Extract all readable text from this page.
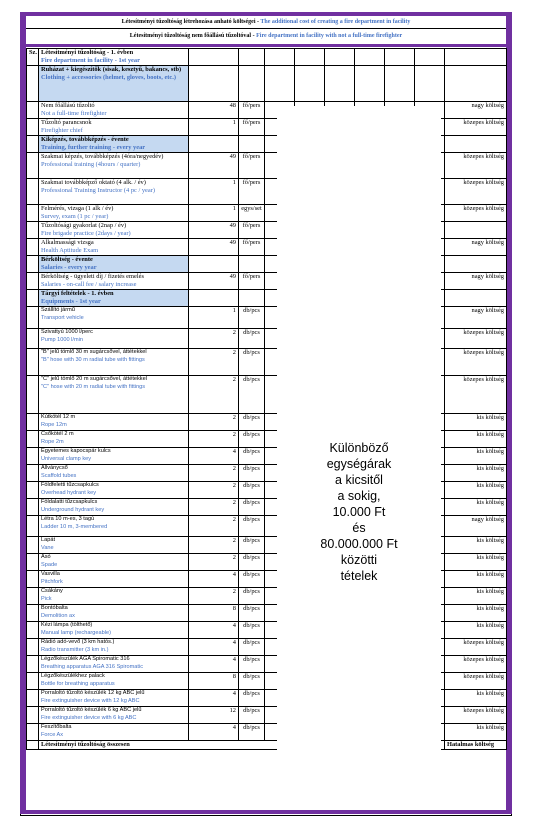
Létesítményi tűzoltóság létrehozása anható költségei - The additional cost of creating a fire department in facility
Létesítményi tűzoltóság nem főállású tűzoltóval - Fire department in facility with not a full-time firefighter
Sz.	Létesítményi tűzoltóság - 1. évben
Fire department in facility - 1st year									

	Ruházat + kiegészítők (sisak, kesztyű, bakancs, stb)
Clothing + accessories (helmet, gloves, boots, etc.)									

	Nem főállású tűzoltó
Not a full-time firefighter	48	fő/pers							nagy költség

	Tűzoltó parancsnok
Firefighter chief	1	fő/pers							közepes költség

	Kiképzés, továbbképzés - évente
Training, further training - every year									

	Szakmai képzés, továbbképzés (4óra/negyedév)
Professional training (4hours / quarter)	49	fő/pers							közepes költség

	Szakmai továbbképző oktató (4 alk. / év)
Professional Training Instructor (4 pc / year)	1	fő/pers							közepes költség

	Felmérés, vizsga (1 alk / év)
Survey, exam (1 pc / year)	1	egys/set							közepes költség

	Tűzoltósági gyakorlat (2nap / év)
Fire brigade practice (2days / year)	49	fő/pers							

	Alkalmassági vizsga
Health Aptitude Exam	49	fő/pers							nagy költség

	Bérköltség - évente
Salaries - every year									

	Bérköltség - ügyeleti díj / fizetés emelés
Salaries - on-call fee / salary increase	49	fő/pers							nagy költség

	Tárgyi feltételek - 1. évben
Equipments - 1st year									

	Szállító jármű
Transport vehicle	1	db/pcs							nagy költség

	Szivattyú 1000 l/perc
Pump 1000 l/min	2	db/pcs							közepes költség

	"B" jelű tömlő 30 m sugárcsővel, áttétekkel
"B" hose with 30 m radial tube with fittings	2	db/pcs							közepes költség

	"C" jelű tömlő 20 m sugárcsővel, áttétekkel
"C" hose with 20 m radial tube with fittings	2	db/pcs							közepes költség

	Kútkötél 12 m
Rope 12m	2	db/pcs							kis költség

	Csőkötél 2 m
Rope 2m	2	db/pcs							kis költség

	Egyetemes kapocspár kulcs
Universal clamp key	4	db/pcs							kis költség

	Állványcső
Scaffold tubes	2	db/pcs							kis költség

	Földfeletti tűzcsapkulcs
Overhead hydrant key	2	db/pcs							kis költség

	Földalatti tűzcsapkulcs
Underground hydrant key	2	db/pcs							kis költség

	Létra 10 m-es, 3 tagú
Ladder 10 m, 3-membered	2	db/pcs							nagy költség

	Lapát
Vane	2	db/pcs							kis költség

	Ásó
Spade	2	db/pcs							kis költség

	Vasvilla
Pitchfork	4	db/pcs							kis költség

	Csákány
Pick	2	db/pcs							kis költség

	Bontóbalta
Demolition ax	8	db/pcs							kis költség

	Kézi lámpa (tölthető)
Manual lamp (rechargeable)	4	db/pcs							kis költség

	Rádió adó-vevő (3 km hatós.)
Radio transmitter (3 km in.)	4	db/pcs							közepes költség

	Légzőkészülék AGA Spiromatic 316
Breathing apparatus AGA 316 Spiromatic	4	db/pcs							közepes költség

	Légzőkészülékhez palack
Bottle for breathing apparatus	8	db/pcs							közepes költség

	Porraloltó tűzoltó készülék 12 kg ABC jelű
Fire extinguisher device with 12 kg ABC	4	db/pcs							kis költség

	Porraloltó tűzoltó készülék 6 kg ABC jelű
Fire extinguisher device with 6 kg ABC	12	db/pcs							közepes költség

	Feszítőbalta
Force Ax	4	db/pcs							kis költség
	Létesítményi tűzoltóság összesen									Hatalmas költség
Különböző
egységárak
a kicsitől
a sokig,
10.000 Ft
és
80.000.000 Ft
közötti
tételek
